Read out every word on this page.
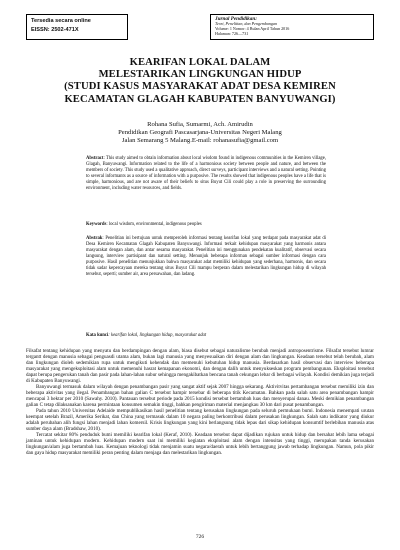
Tersedia secara online
EISSN: 2502-471X
Jurnal Pendidikan:
Teori, Penelitian, dan Pengembangan
Volume: 1 Nomor: 4 Bulan April Tahun 2016
Halaman: 726—731
KEARIFAN LOKAL DALAM
MELESTARIKAN LINGKUNGAN HIDUP
(STUDI KASUS MASYARAKAT ADAT DESA KEMIREN
KECAMATAN GLAGAH KABUPATEN BANYUWANGI)
Rohana Sufia, Sumarmi, Ach. Amirudin
Pendidikan Geografi Pascasarjana-Universitas Negeri Malang
Jalan Semarang 5 Malang.E-mail: rohanasufia@gmail.com
Abstract: This study aimed to obtain information about local wisdom found in indigenous communities in the Kemiren village, Glagah, Banyuwangi. Information related to the life of a harmonious society between people and nature, and between the members of society. This study used a qualitative approach, direct surveys, participant interviews and a natural setting. Pointing to several informants as a source of information with a purposive. The results showed that indigenous peoples have a life that is simple, harmonious, and are not aware of their beliefs to situs Buyut Cili could play a role in preserving the surrounding environment, including water resources, and fields.
Keywords: local wisdom, environmental, indigenous peoples
Abstrak: Penelitian ini bertujuan untuk memperoleh informasi tentang kearifan lokal yang terdapat pada masyarakat adat di Desa Kemiren Kecamatan Glagah Kabupaten Banyuwangi. Informasi terkait kehidupan masyarakat yang harmonis antara masyarakat dengan alam, dan antar sesama masyarakat. Penelitian ini menggunakan pendekatan kualitatif, observasi secara langsung, interview partisipant dan natural setting. Menunjuk beberapa informan sebagai sumber informasi dengan cara purposive. Hasil penelitian menunjukkan bahwa masyarakat adat memiliki kehidupan yang sederhana, harmonis, dan secara tidak sadar kepercayaan mereka tentang situs Buyut Cili mampu berperan dalam melestarikan lingkungan hidup di wilayah tersebut, seperti; sumber air, area persawahan, dan ladang.
Kata kunci: kearifan lokal, lingkungan hidup, masyarakat adat

Filsafat tentang kehidupan yang menyatu dan berdampingan dengan alam, biasa disebut sebagai naturalisme berubah menjadi antroposentrisme. Filsafat tersebut lumrar tergantt dengan manusia sebagai penguasdi utama alam, bukan lagi manusia yang menyesuaikan diri dengan alam dan lingkungan. Keadaan tersebut telah berubah, alam dan lingkungan dioleh sedemikian rupa untuk mengikuti kehendak dan memenuhi kebutuhan hidup manusia. Berdasarkan hasil observasi dan interview beberapa masyarakat yang mengeksploitasi alam untuk memenuhi hasrat kemapanan ekonomi, dan dengan dalih untuk menyukseskan program pembangunan. Eksploitasi tersebut dapat berupa pengerukan tanah dan pasir pada lahan-lahan subur sehingga mengakibatkan bencana tanah cekungan lebar di berbagai wilayah. Kondisi demikian juga terjadi di Kabupaten Banyuwangi.

Banyuwangi termasuk dalam wilayah dengan penambangan pasir yang sangat aktif sejak 2007 hingga sekarang. Aktivitvitas pertambangan tersebut memiliki izin dan beberapa aktivitas yang ilegal. Penambangan bahan galian C tersebut hampir tersebar di beberapa titik Kecamatan. Bahkan pada salah satu area penambangan hampir mencapai 3 hektar per 2010 (Sawahy. 2010). Pantauan tersebut periode pada 2015 kondisi tersebut bertambah luas dan menyerupai danau. Meski demikian penambangan galian C tetap dilaksanakan karena permintaan konsumen semakin tinggi, bahkan pengiriman material menjangkau 30 km dari pusat penambangan.

Pada tahun 2010 Universitas Adelaide mempublikasikan hasil penelitian tentang kerusakan lingkungan pada seluruh permukaan bumi. Indonesia menempati urutan keempat setelah Brazil, Amerika Serikat, dan China yang termasuk dalam 10 negara paling berkontribusi dalam perusakan lingkungan. Salah satu indikator yang diukur adalah perubahan alih fungsi lahan menjadi lahan komersil. Krisis lingkungan yang kini berlangsung tidak lepas dari sikap kehidupan konsumtif berlebihan manusia atas sumber daya alam (Bradshaw, 2010).

Tercatat sekitar 80% penduduk bumi memiliki kearifan lokal (Keraf, 2010). Keadaan tersebut dapat dijadikan rujukan untuk hidup dan bersahat lebih lama sebagai jaminan untuk kehidupan modern. Kehidupan modern saat ini memiliki kegiatan eksploitasi alam dengan intensitas yang tinggi, merupakan tanda kerusakan lingkungan/alam juga bertambah luas. Kemajuan teknologi tidak menjamin suatu negara/daerah untuk lebih bertanggung jawab terhadap lingkungan. Namun, pola pikir dan gaya hidup masyarakat memiliki peran penting dalam menjaga dan melestarikan lingkungan.

726
